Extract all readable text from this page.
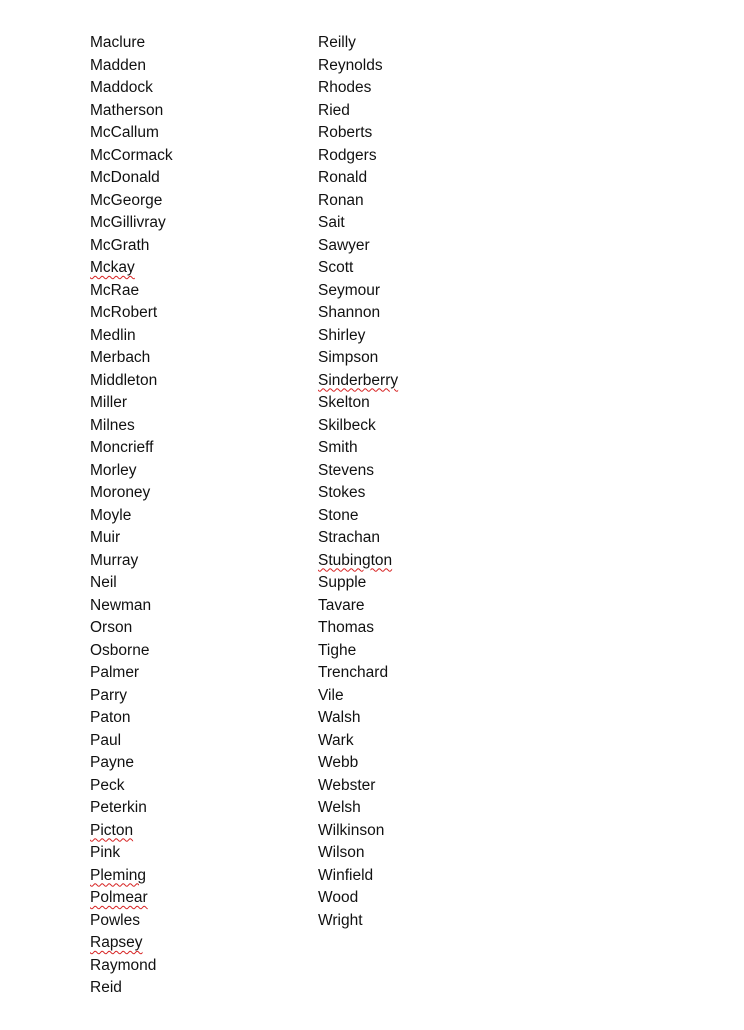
Maclure
Madden
Maddock
Matherson
McCallum
McCormack
McDonald
McGeorge
McGillivray
McGrath
Mckay
McRae
McRobert
Medlin
Merbach
Middleton
Miller
Milnes
Moncrieff
Morley
Moroney
Moyle
Muir
Murray
Neil
Newman
Orson
Osborne
Palmer
Parry
Paton
Paul
Payne
Peck
Peterkin
Picton
Pink
Pleming
Polmear
Powles
Rapsey
Raymond
Reid
Reilly
Reynolds
Rhodes
Ried
Roberts
Rodgers
Ronald
Ronan
Sait
Sawyer
Scott
Seymour
Shannon
Shirley
Simpson
Sinderberry
Skelton
Skilbeck
Smith
Stevens
Stokes
Stone
Strachan
Stubington
Supple
Tavare
Thomas
Tighe
Trenchard
Vile
Walsh
Wark
Webb
Webster
Welsh
Wilkinson
Wilson
Winfield
Wood
Wright
